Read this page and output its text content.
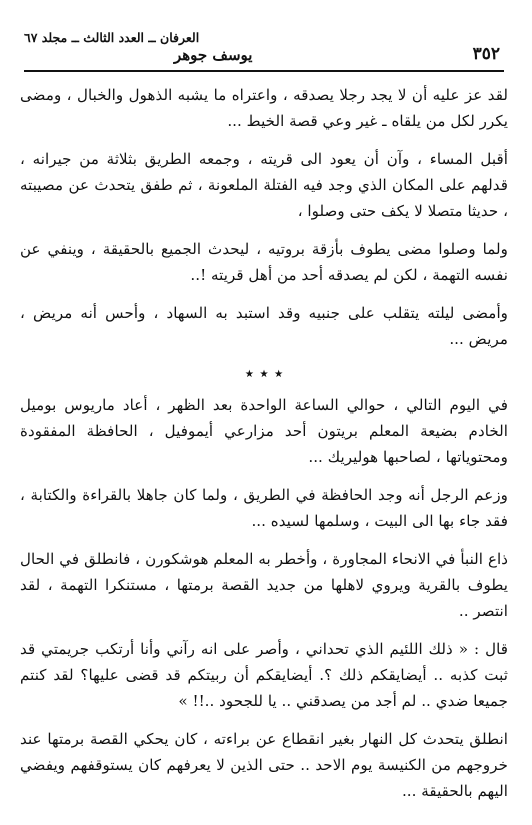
العرفان ــ العدد الثالث ــ مجلد ٦٧
يوسف جوهر	٣٥٢

لقد عز عليه أن لا يجد رجلا يصدقه ، واعتراه ما يشبه الذهول والخبال ، ومضى يكرر لكل من يلقاه ـ غير وعي قصة الخيط ...

أقبل المساء ، وآن أن يعود الى قريته ، وجمعه الطريق بثلاثة من جيرانه ، قدلهم على المكان الذي وجد فيه الفتلة الملعونة ، ثم طفق يتحدث عن مصيبته ، حديثا متصلا لا يكف حتى وصلوا ،

ولما وصلوا مضى يطوف بأزقة بروتيه ، ليحدث الجميع بالحقيقة ، وينفي عن نفسه التهمة ، لكن لم يصدقه أحد من أهل قريته !..

وأمضى ليلته يتقلب على جنبيه وقد استبد به السهاد ، وأحس أنه مريض ، مريض ...

٭ ٭ ٭

في اليوم التالي ، حوالي الساعة الواحدة بعد الظهر ، أعاد ماريوس بوميل الخادم بضيعة المعلم بريتون أحد مزارعي أيموفيل ، الحافظة المفقودة ومحتوياتها ، لصاحبها هوليريك ...

وزعم الرجل أنه وجد الحافظة في الطريق ، ولما كان جاهلا بالقراءة والكتابة ، فقد جاء بها الى البيت ، وسلمها لسيده ...

ذاع النبأ في الانحاء المجاورة ، وأخطر به المعلم هوشكورن ، فانطلق في الحال يطوف بالقرية ويروي لاهلها من جديد القصة برمتها ، مستنكرا التهمة ، لقد انتصر ..

قال : « ذلك اللئيم الذي تحداني ، وأصر على انه رآني وأنا أرتكب جريمتي قد ثبت كذبه .. أيضايقكم ذلك ؟. أيضايقكم أن ربيتكم قد قضى عليها؟ لقد كنتم جميعا ضدي .. لم أجد من يصدقني .. يا للجحود ..!! »

انطلق يتحدث كل النهار بغير انقطاع عن براءته ، كان يحكي القصة برمتها عند خروجهم من الكنيسة يوم الاحد .. حتى الذين لا يعرفهم كان يستوقفهم ويفضي اليهم بالحقيقة ...
